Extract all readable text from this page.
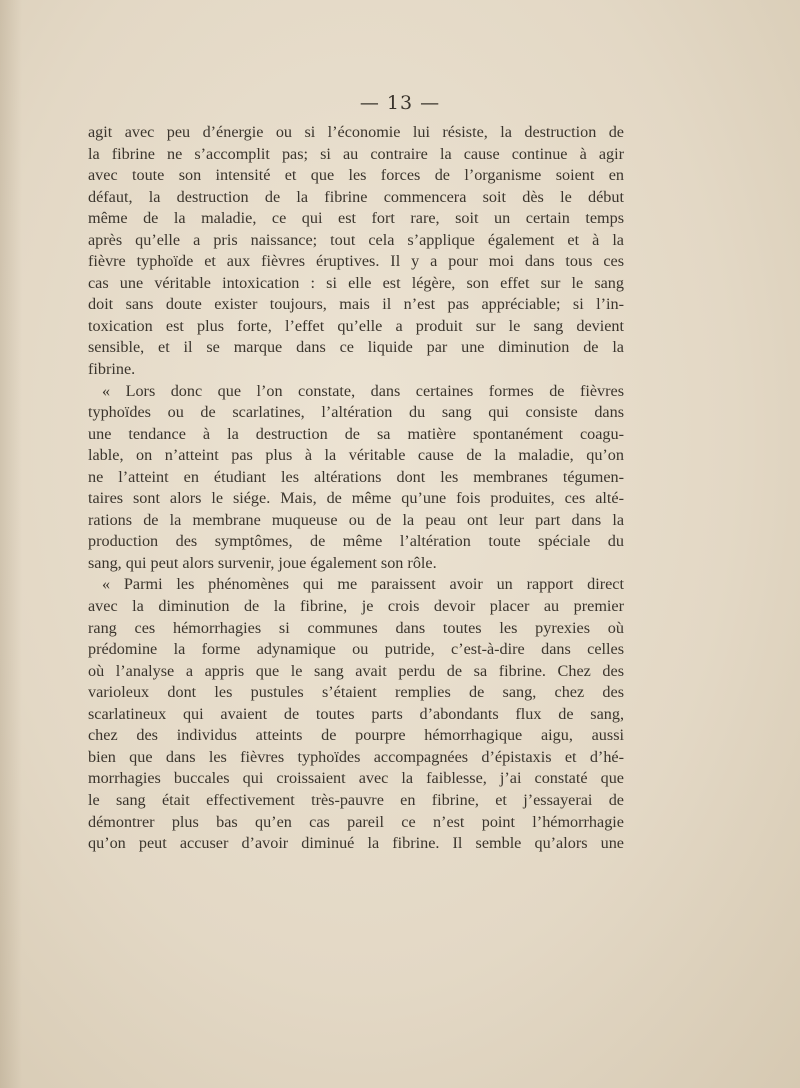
— 13 —
agit avec peu d’énergie ou si l’économie lui résiste, la destruction de
la fibrine ne s’accomplit pas; si au contraire la cause continue à agir
avec toute son intensité et que les forces de l’organisme soient en
défaut, la destruction de la fibrine commencera soit dès le début
même de la maladie, ce qui est fort rare, soit un certain temps
après qu’elle a pris naissance; tout cela s’applique également et à la
fièvre typhoïde et aux fièvres éruptives. Il y a pour moi dans tous ces
cas une véritable intoxication : si elle est légère, son effet sur le sang
doit sans doute exister toujours, mais il n’est pas appréciable; si l’in-
toxication est plus forte, l’effet qu’elle a produit sur le sang devient
sensible, et il se marque dans ce liquide par une diminution de la
fibrine.
« Lors donc que l’on constate, dans certaines formes de fièvres
typhoïdes ou de scarlatines, l’altération du sang qui consiste dans
une tendance à la destruction de sa matière spontanément coagu-
lable, on n’atteint pas plus à la véritable cause de la maladie, qu’on
ne l’atteint en étudiant les altérations dont les membranes tégumen-
taires sont alors le siége. Mais, de même qu’une fois produites, ces alté-
rations de la membrane muqueuse ou de la peau ont leur part dans la
production des symptômes, de même l’altération toute spéciale du
sang, qui peut alors survenir, joue également son rôle.
« Parmi les phénomènes qui me paraissent avoir un rapport direct
avec la diminution de la fibrine, je crois devoir placer au premier
rang ces hémorrhagies si communes dans toutes les pyrexies où
prédomine la forme adynamique ou putride, c’est-à-dire dans celles
où l’analyse a appris que le sang avait perdu de sa fibrine. Chez des
varioleux dont les pustules s’étaient remplies de sang, chez des
scarlatineux qui avaient de toutes parts d’abondants flux de sang,
chez des individus atteints de pourpre hémorrhagique aigu, aussi
bien que dans les fièvres typhoïdes accompagnées d’épistaxis et d’hé-
morrhagies buccales qui croissaient avec la faiblesse, j’ai constaté que
le sang était effectivement très-pauvre en fibrine, et j’essayerai de
démontrer plus bas qu’en cas pareil ce n’est point l’hémorrhagie
qu’on peut accuser d’avoir diminué la fibrine. Il semble qu’alors une
